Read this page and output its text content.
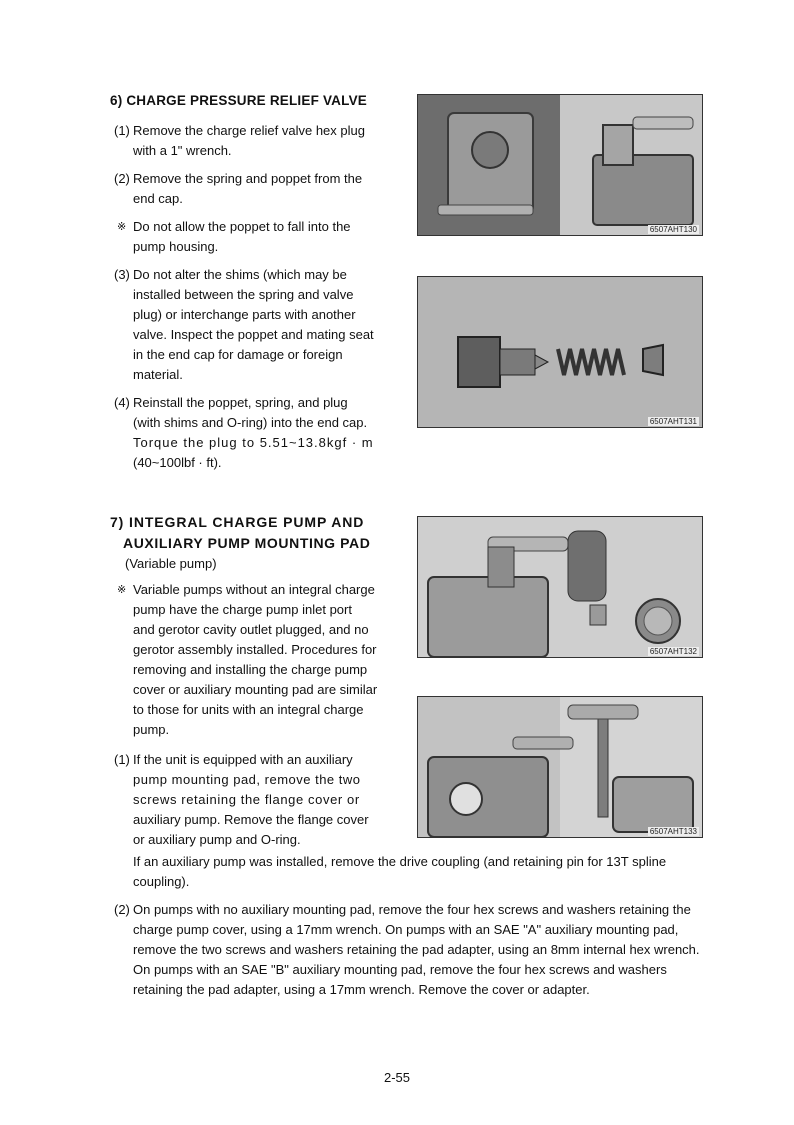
6) CHARGE PRESSURE RELIEF VALVE
(1) Remove the charge relief valve hex plug
with a 1" wrench.
(2) Remove the spring and poppet from the
end cap.
※ Do not allow the poppet to fall into the
pump housing.
(3) Do not alter the shims (which may be
installed between the spring and valve
plug) or interchange parts with another
valve. Inspect the poppet and mating seat
in the end cap for damage or foreign
material.
(4) Reinstall the poppet, spring, and plug
(with shims and O-ring) into the end cap.
Torque the plug to 5.51~13.8kgf · m
(40~100lbf · ft).
7) INTEGRAL CHARGE PUMP AND
AUXILIARY PUMP MOUNTING PAD
(Variable pump)
※ Variable pumps without an integral charge
pump have the charge pump inlet port
and gerotor cavity outlet plugged, and no
gerotor assembly installed. Procedures for
removing and installing the charge pump
cover or auxiliary mounting pad are similar
to those for units with an integral charge
pump.
(1) If the unit is equipped with an auxiliary
pump mounting pad, remove the two
screws retaining the flange cover or
auxiliary pump. Remove the flange cover
or auxiliary pump and O-ring.
If an auxiliary pump was installed, remove the drive coupling (and retaining pin for 13T spline
coupling).
(2) On pumps with no auxiliary mounting pad, remove the four hex screws and washers retaining the
charge pump cover, using a 17mm wrench. On pumps with an SAE "A" auxiliary mounting pad,
remove the two screws and washers retaining the pad adapter, using an 8mm internal hex wrench.
On pumps with an SAE "B" auxiliary mounting pad, remove the four hex screws and washers
retaining the pad adapter, using a 17mm wrench. Remove the cover or adapter.
6507AHT130
6507AHT131
6507AHT132
6507AHT133
2-55
